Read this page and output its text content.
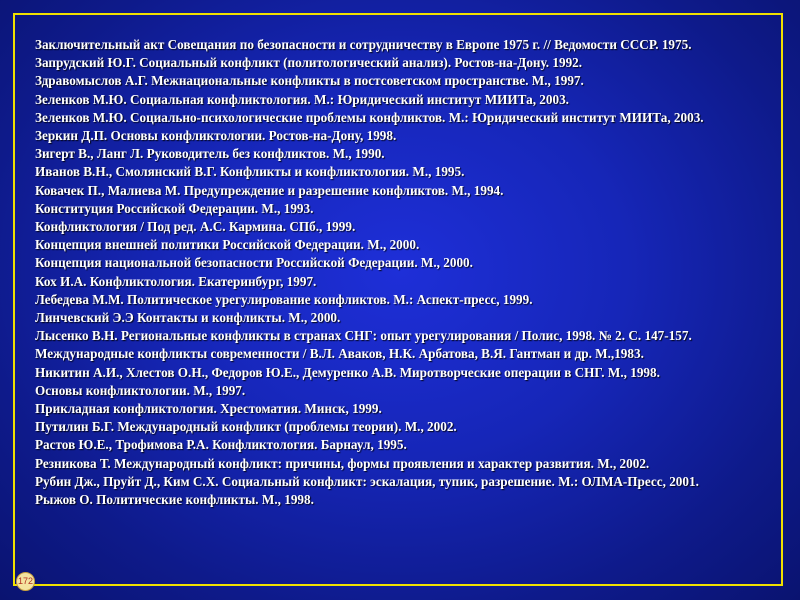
Заключительный акт Совещания по безопасности и сотрудничеству в Европе 1975 г. // Ведомости СССР. 1975.
Запрудский Ю.Г. Социальный конфликт (политологический анализ). Ростов-на-Дону. 1992.
Здравомыслов А.Г. Межнациональные конфликты в постсоветском пространстве. М., 1997.
Зеленков М.Ю. Социальная конфликтология. М.: Юридический институт МИИТа, 2003.
Зеленков М.Ю. Социально-психологические проблемы конфликтов. М.: Юридический институт МИИТа, 2003.
Зеркин Д.П. Основы конфликтологии. Ростов-на-Дону, 1998.
Зигерт В., Ланг Л. Руководитель без конфликтов. М., 1990.
Иванов В.Н., Смолянский В.Г. Конфликты и конфликтология. М., 1995.
Ковачек П., Малиева М. Предупреждение и разрешение конфликтов. М., 1994.
Конституция Российской Федерации. М., 1993.
Конфликтология / Под ред. А.С. Кармина. СПб., 1999.
Концепция внешней политики Российской Федерации. М., 2000.
Концепция национальной безопасности Российской Федерации. М., 2000.
Кох И.А. Конфликтология. Екатеринбург, 1997.
Лебедева М.М. Политическое урегулирование конфликтов. М.: Аспект-пресс, 1999.
Линчевский Э.Э Контакты и конфликты. М., 2000.
Лысенко В.Н. Региональные конфликты в странах СНГ: опыт урегулирования / Полис, 1998. № 2. С. 147-157.
Международные конфликты современности / В.Л. Аваков, Н.К. Арбатова, В.Я. Гантман и др. М.,1983.
Никитин А.И., Хлестов О.Н., Федоров Ю.Е., Демуренко А.В. Миротворческие операции в СНГ. М., 1998.
Основы конфликтологии. М., 1997.
Прикладная конфликтология. Хрестоматия. Минск, 1999.
Путилин Б.Г. Международный конфликт (проблемы теории). М., 2002.
Растов Ю.Е., Трофимова Р.А. Конфликтология. Барнаул, 1995.
Резникова Т. Международный конфликт: причины, формы проявления и характер развития. М., 2002.
Рубин Дж., Пруйт Д., Ким С.Х. Социальный конфликт: эскалация, тупик, разрешение. М.: ОЛМА-Пресс, 2001.
Рыжов О. Политические конфликты. М., 1998.
172
